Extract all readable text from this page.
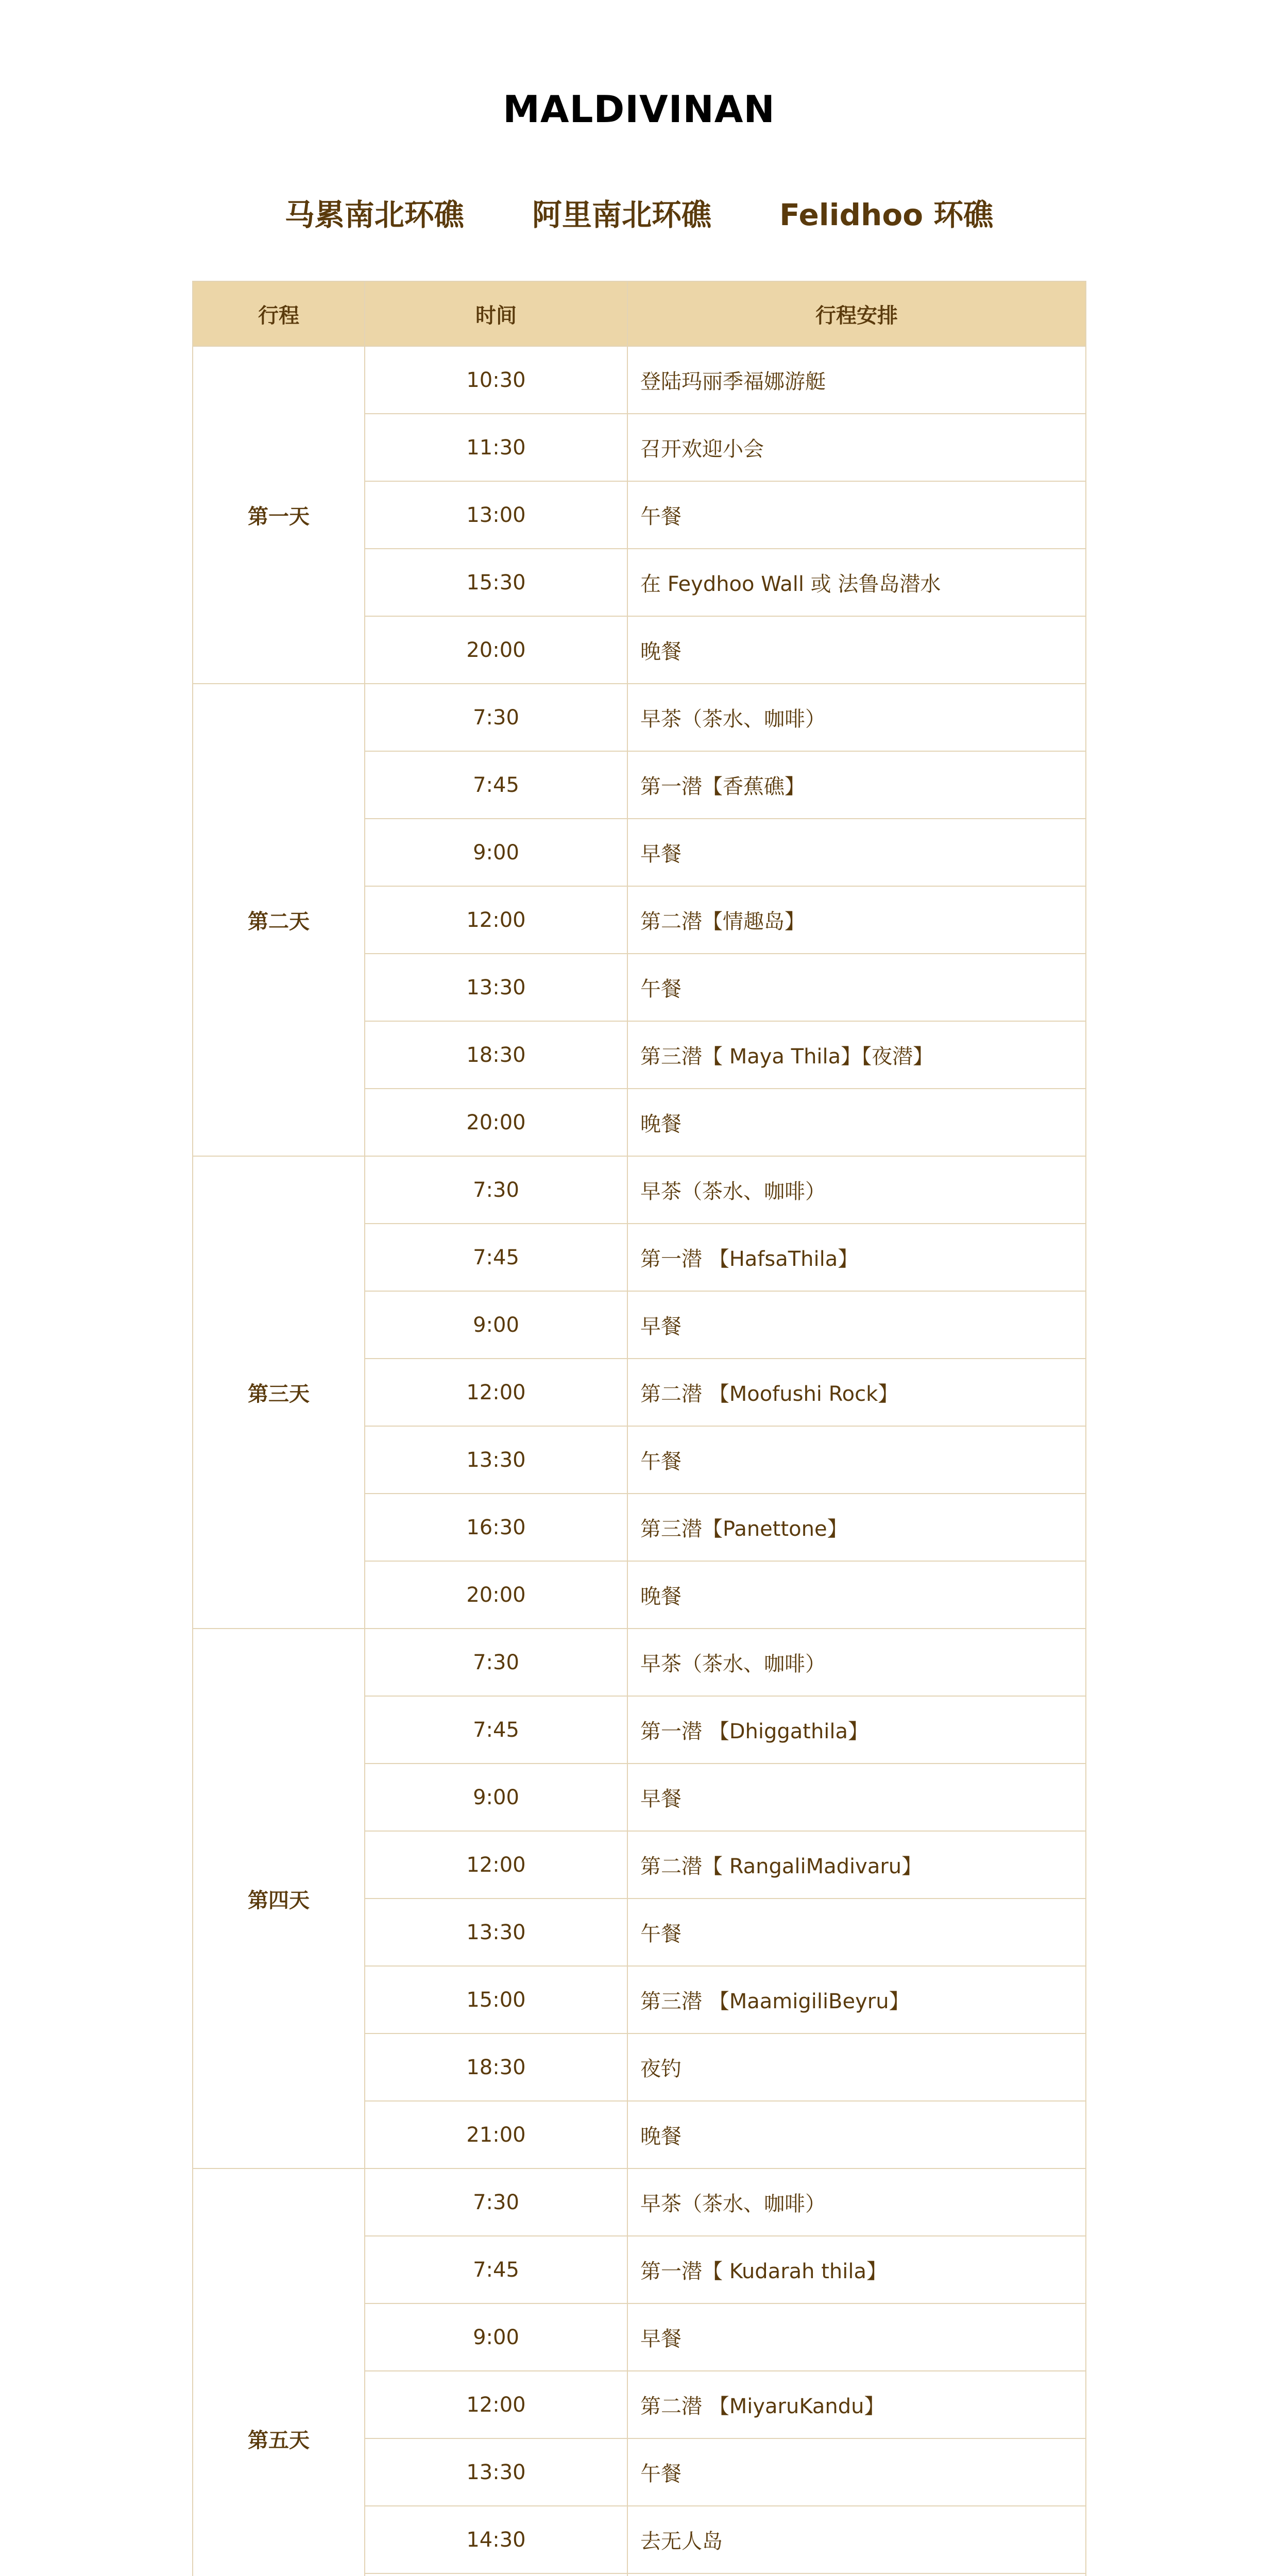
MALDIVINAN
马累南北环礁 阿里南北环礁 Felidhoo 环礁
行程	时间	行程安排
第一天	10:30	登陆玛丽季福娜游艇
	11:30	召开欢迎小会
	13:00	午餐
	15:30	在 Feydhoo Wall 或 法鲁岛潜水
	20:00	晚餐
第二天	7:30	早茶（茶水、咖啡）
	7:45	第一潜【香蕉礁】
	9:00	早餐
	12:00	第二潜【情趣岛】
	13:30	午餐
	18:30	第三潜【 Maya Thila】【夜潜】
	20:00	晚餐
第三天	7:30	早茶（茶水、咖啡）
	7:45	第一潜 【HafsaThila】
	9:00	早餐
	12:00	第二潜 【Moofushi Rock】
	13:30	午餐
	16:30	第三潜【Panettone】
	20:00	晚餐
第四天	7:30	早茶（茶水、咖啡）
	7:45	第一潜 【Dhiggathila】
	9:00	早餐
	12:00	第二潜【 RangaliMadivaru】
	13:30	午餐
	15:00	第三潜 【MaamigiliBeyru】
	18:30	夜钓
	21:00	晚餐
第五天	7:30	早茶（茶水、咖啡）
	7:45	第一潜【 Kudarah thila】
	9:00	早餐
	12:00	第二潜 【MiyaruKandu】
	13:30	午餐
	14:30	去无人岛
